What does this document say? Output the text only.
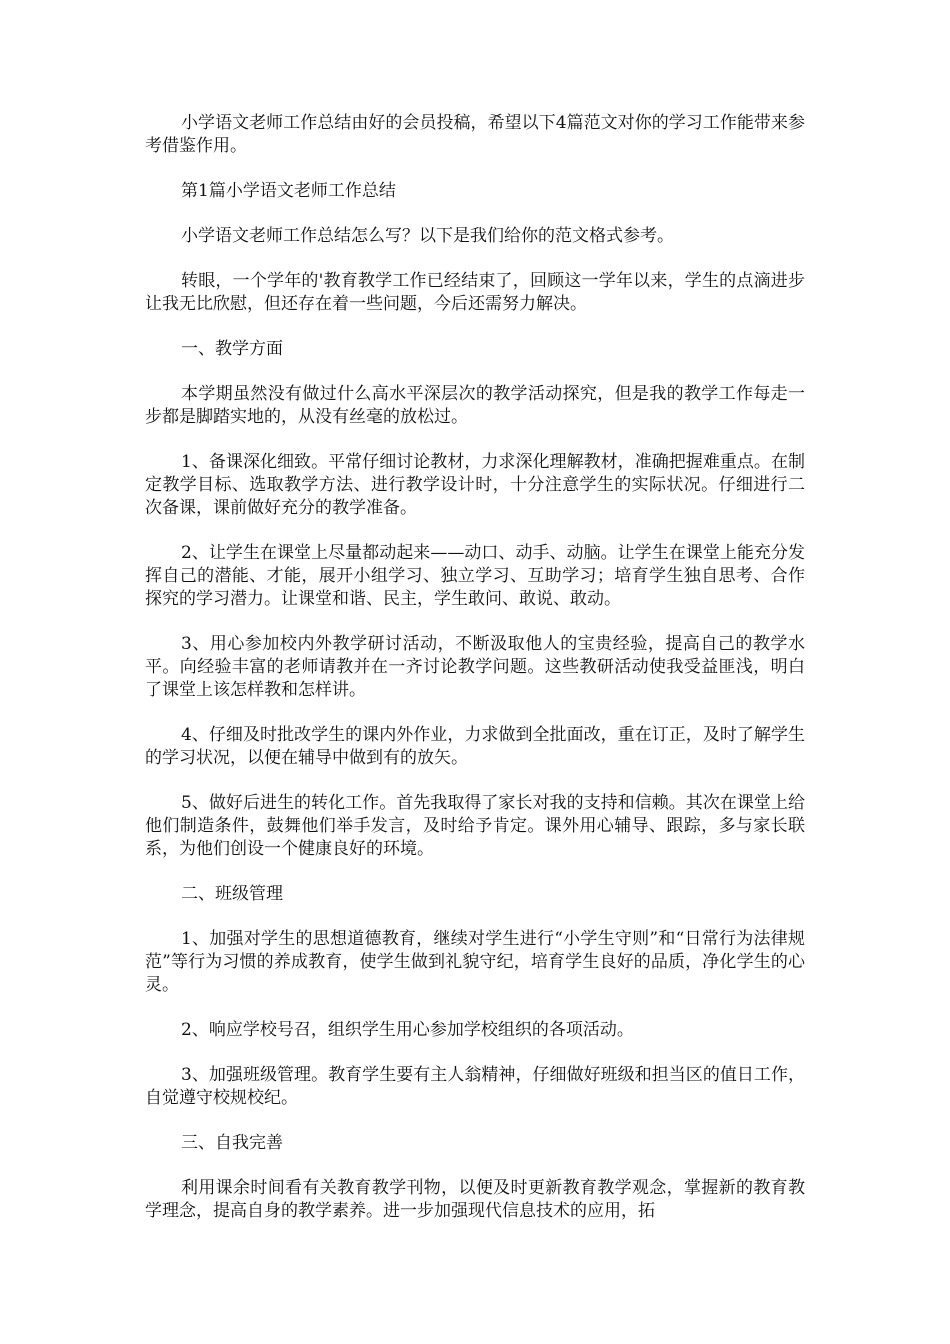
小学语文老师工作总结由好的会员投稿，希望以下4篇范文对你的学习工作能带来参考借鉴作用。

第1篇小学语文老师工作总结

小学语文老师工作总结怎么写？以下是我们给你的范文格式参考。

转眼，一个学年的'教育教学工作已经结束了，回顾这一学年以来，学生的点滴进步让我无比欣慰，但还存在着一些问题，今后还需努力解决。

一、教学方面

本学期虽然没有做过什么高水平深层次的教学活动探究，但是我的教学工作每走一步都是脚踏实地的，从没有丝毫的放松过。

1、备课深化细致。平常仔细讨论教材，力求深化理解教材，准确把握难重点。在制定教学目标、选取教学方法、进行教学设计时，十分注意学生的实际状况。仔细进行二次备课，课前做好充分的教学准备。

2、让学生在课堂上尽量都动起来——动口、动手、动脑。让学生在课堂上能充分发挥自己的潜能、才能，展开小组学习、独立学习、互助学习；培育学生独自思考、合作探究的学习潜力。让课堂和谐、民主，学生敢问、敢说、敢动。

3、用心参加校内外教学研讨活动，不断汲取他人的宝贵经验，提高自己的教学水平。向经验丰富的老师请教并在一齐讨论教学问题。这些教研活动使我受益匪浅，明白了课堂上该怎样教和怎样讲。

4、仔细及时批改学生的课内外作业，力求做到全批面改，重在订正，及时了解学生的学习状况，以便在辅导中做到有的放矢。

5、做好后进生的转化工作。首先我取得了家长对我的支持和信赖。其次在课堂上给他们制造条件，鼓舞他们举手发言，及时给予肯定。课外用心辅导、跟踪，多与家长联系，为他们创设一个健康良好的环境。

二、班级管理

1、加强对学生的思想道德教育，继续对学生进行“小学生守则”和“日常行为法律规范”等行为习惯的养成教育，使学生做到礼貌守纪，培育学生良好的品质，净化学生的心灵。

2、响应学校号召，组织学生用心参加学校组织的各项活动。

3、加强班级管理。教育学生要有主人翁精神，仔细做好班级和担当区的值日工作，自觉遵守校规校纪。

三、自我完善

利用课余时间看有关教育教学刊物，以便及时更新教育教学观念，掌握新的教育教学理念，提高自身的教学素养。进一步加强现代信息技术的应用，拓
